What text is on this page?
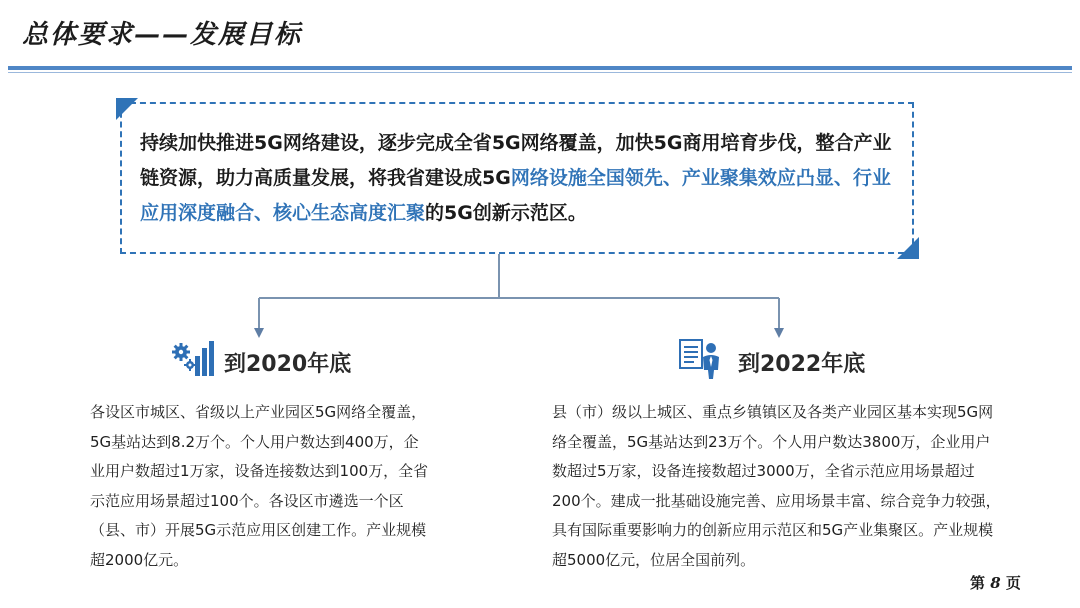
总体要求——发展目标
持续加快推进5G网络建设，逐步完成全省5G网络覆盖，加快5G商用培育步伐，整合产业链资源，助力高质量发展，将我省建设成5G网络设施全国领先、产业聚集效应凸显、行业应用深度融合、核心生态高度汇聚的5G创新示范区。
到2020年底
各设区市城区、省级以上产业园区5G网络全覆盖，5G基站达到8.2万个。个人用户数达到400万，企业用户数超过1万家，设备连接数达到100万，全省示范应用场景超过100个。各设区市遴选一个区（县、市）开展5G示范应用区创建工作。产业规模超2000亿元。
到2022年底
县（市）级以上城区、重点乡镇镇区及各类产业园区基本实现5G网络全覆盖，5G基站达到23万个。个人用户数达3800万，企业用户数超过5万家，设备连接数超过3000万，全省示范应用场景超过200个。建成一批基础设施完善、应用场景丰富、综合竞争力较强，具有国际重要影响力的创新应用示范区和5G产业集聚区。产业规模超5000亿元，位居全国前列。
第 8 页
